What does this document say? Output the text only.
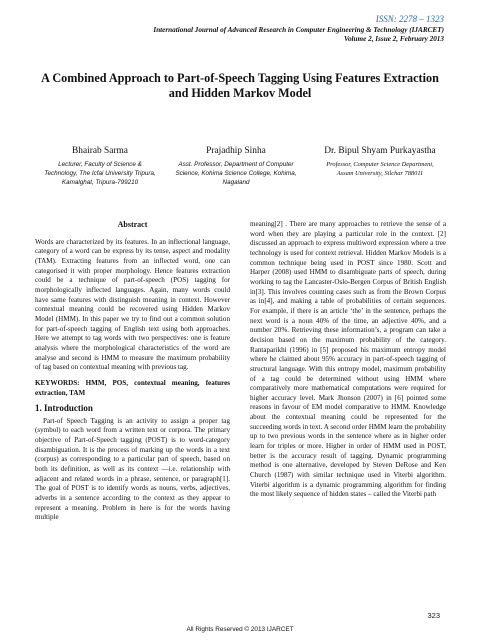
ISSN: 2278 – 1323
International Journal of Advanced Research in Computer Engineering & Technology (IJARCET)
Volume 2, Issue 2, February 2013
A Combined Approach to Part-of-Speech Tagging Using Features Extraction
and Hidden Markov Model
Bhairab Sarma
Lecturer, Faculty of Science &
Technology, The Icfai University Tripura,
Kamalghat, Tripura-799210
Prajadhip Sinha
Asst. Professor, Department of Computer
Science, Kohima Science College, Kohima,
Nagaland
Dr. Bipul Shyam Purkayastha
Professor, Computer Science Department,
Assam University, Silchar 788011
Abstract

Words are characterized by its features. In an inflectional language, category of a word can be express by its tense, aspect and modality (TAM). Extracting features from an inflected word, one can categorised it with proper morphology. Hence features extraction could be a technique of part-of-speech (POS) tagging for morphologically inflected languages. Again, many words could have same features with distinguish meaning in context. However contextual meaning could be recovered using Hidden Markov Model (HMM). In this paper we try to find out a common solution for part-of-speech tagging of English text using both approaches. Here we attempt to tag words with two perspectives: one is feature analysis where the morphological characteristics of the word are analyse and second is HMM to measure the maximum probability of tag based on contextual meaning with previous tag.

KEYWORDS: HMM, POS, contextual meaning, features extraction, TAM

1. Introduction

Part-of Speech Tagging is an activity to assign a proper tag (symbol) to each word from a written text or corpora. The primary objective of Part-of-Speech tagging (POST) is to word-category disambiguation. It is the process of marking up the words in a text (corpus) as corresponding to a particular part of speech, based on both its definition, as well as its context —i.e. relationship with adjacent and related words in a phrase, sentence, or paragraph[1]. The goal of POST is to identify words as nouns, verbs, adjectives, adverbs in a sentence according to the context as they appear to represent a meaning. Problem in here is for the words having multiple

meaning[2] . There are many approaches to retrieve the sense of a word when they are playing a particular role in the context. [2] discussed an approach to express multiword expression where a tree technology is used for context retrieval. Hidden Markov Models is a common technique being used in POST since 1980. Scott and Harper (2008) used HMM to disambiguate parts of speech, during working to tag the Lancaster-Oslo-Bergen Corpus of British English in[3]. This involves counting cases such as from the Brown Corpus as in[4], and making a table of probabilities of certain sequences. For example, if there is an article ‘the’ in the sentence, perhaps the next word is a noun 40% of the time, an adjective 40%, and a number 20%. Retrieving these information’s, a program can take a decision based on the maximum probability of the category. Rantaparikhi (1996) in [5] proposed his maximum entropy model where he claimed about 95% accuracy in part-of-speech tagging of structural language. With this entropy model, maximum probability of a tag could be determined without using HMM where comparatively more mathematical computations were required for higher accuracy level. Mark Jhonson (2007) in [6] pointed some reasons in favour of EM model comparative to HMM. Knowledge about the contextual meaning could be represented for the succeeding words in text. A second order HMM learn the probability up to two previous words in the sentence where as in higher order learn for triples or more. Higher in order of HMM used in POST, better is the accuracy result of tagging. Dynamic programming method is one alternative, developed by Steven DeRose and Ken Church (1987) with similar technique used in Viterbi algorithm. Viterbi algorithm is a dynamic programming algorithm for finding the most likely sequence of hidden states – called the Viterbi path

323
All Rights Reserved © 2013 IJARCET
